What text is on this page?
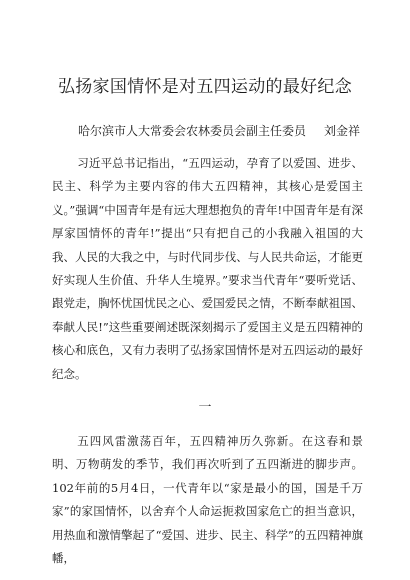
弘扬家国情怀是对五四运动的最好纪念
哈尔滨市人大常委会农林委员会副主任委员 刘金祥

习近平总书记指出，“五四运动，孕育了以爱国、进步、民主、科学为主要内容的伟大五四精神，其核心是爱国主义。”强调“中国青年是有远大理想抱负的青年!中国青年是有深厚家国情怀的青年!”提出“只有把自己的小我融入祖国的大我、人民的大我之中，与时代同步伐、与人民共命运，才能更好实现人生价值、升华人生境界。”要求当代青年“要听党话、跟党走，胸怀忧国忧民之心、爱国爱民之情，不断奉献祖国、奉献人民!”这些重要阐述既深刻揭示了爱国主义是五四精神的核心和底色，又有力表明了弘扬家国情怀是对五四运动的最好纪念。

一

五四风雷激荡百年，五四精神历久弥新。在这春和景明、万物萌发的季节，我们再次听到了五四渐进的脚步声。102年前的5月4日，一代青年以“家是最小的国，国是千万家”的家国情怀，以舍弃个人命运扼救国家危亡的担当意识，用热血和激情擎起了“爱国、进步、民主、科学”的五四精神旗幡，
